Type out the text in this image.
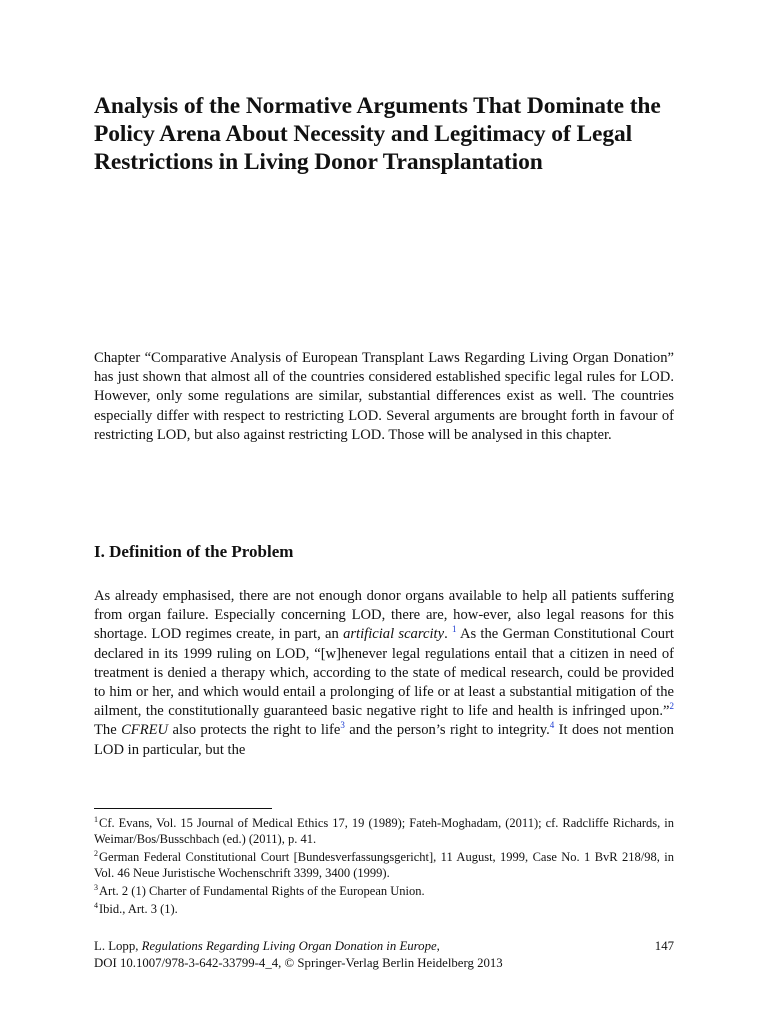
Analysis of the Normative Arguments That Dominate the Policy Arena About Necessity and Legitimacy of Legal Restrictions in Living Donor Transplantation

Chapter “Comparative Analysis of European Transplant Laws Regarding Living Organ Donation” has just shown that almost all of the countries considered established specific legal rules for LOD. However, only some regulations are similar, substantial differences exist as well. The countries especially differ with respect to restricting LOD. Several arguments are brought forth in favour of restricting LOD, but also against restricting LOD. Those will be analysed in this chapter.

I. Definition of the Problem

As already emphasised, there are not enough donor organs available to help all patients suffering from organ failure. Especially concerning LOD, there are, how-ever, also legal reasons for this shortage. LOD regimes create, in part, an artificial scarcity. $^1$ As the German Constitutional Court declared in its 1999 ruling on LOD, “[w]henever legal regulations entail that a citizen in need of treatment is denied a therapy which, according to the state of medical research, could be provided to him or her, and which would entail a prolonging of life or at least a substantial mitigation of the ailment, the constitutionally guaranteed basic negative right to life and health is infringed upon.”$^2$ The CFREU also protects the right to life$^3$ and the person’s right to integrity.$^4$ It does not mention LOD in particular, but the

$^1$Cf. Evans, Vol. 15 Journal of Medical Ethics 17, 19 (1989); Fateh-Moghadam, (2011); cf. Radcliffe Richards, in Weimar/Bos/Busschbach (ed.) (2011), p. 41.

$^2$German Federal Constitutional Court [Bundesverfassungsgericht], 11 August, 1999, Case No. 1 BvR 218/98, in Vol. 46 Neue Juristische Wochenschrift 3399, 3400 (1999).

$^3$Art. 2 (1) Charter of Fundamental Rights of the European Union.

$^4$Ibid., Art. 3 (1).

L. Lopp, Regulations Regarding Living Organ Donation in Europe,
DOI 10.1007/978-3-642-33799-4_4, © Springer-Verlag Berlin Heidelberg 2013
147
